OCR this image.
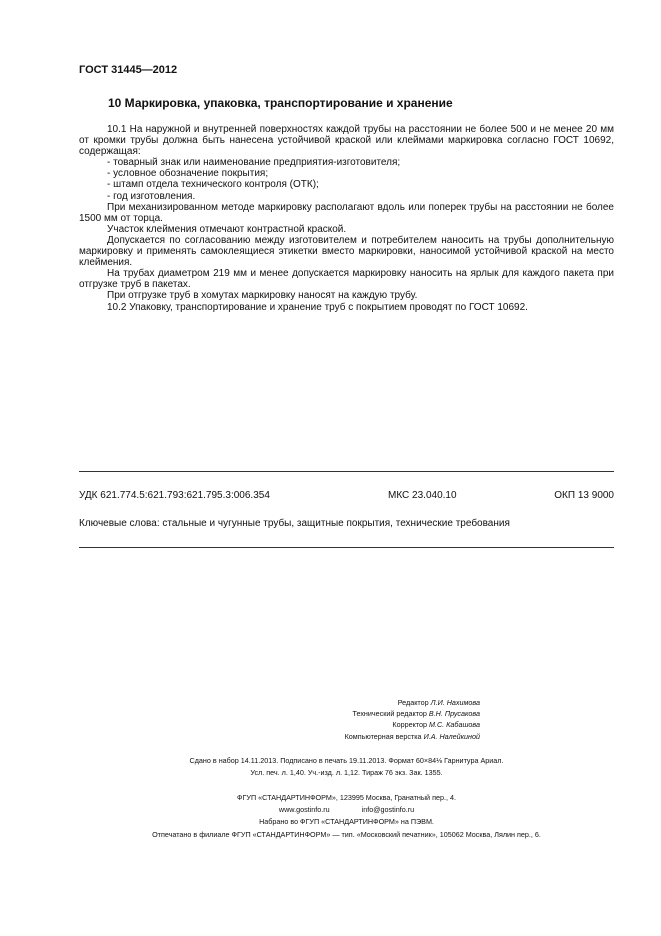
ГОСТ 31445—2012
10 Маркировка, упаковка, транспортирование и хранение

10.1 На наружной и внутренней поверхностях каждой трубы на расстоянии не более 500 и не менее 20 мм от кромки трубы должна быть нанесена устойчивой краской или клеймами маркировка согласно ГОСТ 10692, содержащая:

- товарный знак или наименование предприятия-изготовителя;

- условное обозначение покрытия;

- штамп отдела технического контроля (ОТК);

- год изготовления.

При механизированном методе маркировку располагают вдоль или поперек трубы на расстоянии не более 1500 мм от торца.

Участок клеймения отмечают контрастной краской.

Допускается по согласованию между изготовителем и потребителем наносить на трубы дополнительную маркировку и применять самоклеящиеся этикетки вместо маркировки, наносимой устойчивой краской на место клеймения.

На трубах диаметром 219 мм и менее допускается маркировку наносить на ярлык для каждого пакета при отгрузке труб в пакетах.

При отгрузке труб в хомутах маркировку наносят на каждую трубу.

10.2 Упаковку, транспортирование и хранение труб с покрытием проводят по ГОСТ 10692.

УДК 621.774.5:621.793:621.795.3:006.354	МКС 23.040.10	ОКП 13 9000
Ключевые слова: стальные и чугунные трубы, защитные покрытия, технические требования
Редактор Л.И. Нахимова
Технический редактор В.Н. Прусакова
Корректор М.С. Кабашова
Компьютерная верстка И.А. Налейкиной
Сдано в набор 14.11.2013. Подписано в печать 19.11.2013. Формат 60×84⅛ Гарнитура Ариал.
Усл. печ. л. 1,40. Уч.-изд. л. 1,12. Тираж 76 экз. Зак. 1355.
ФГУП «СТАНДАРТИНФОРМ», 123995 Москва, Гранатный пер., 4.
www.gostinfo.ru	info@gostinfo.ru
Набрано во ФГУП «СТАНДАРТИНФОРМ» на ПЭВМ.
Отпечатано в филиале ФГУП «СТАНДАРТИНФОРМ» — тип. «Московский печатник», 105062 Москва, Лялин пер., 6.
